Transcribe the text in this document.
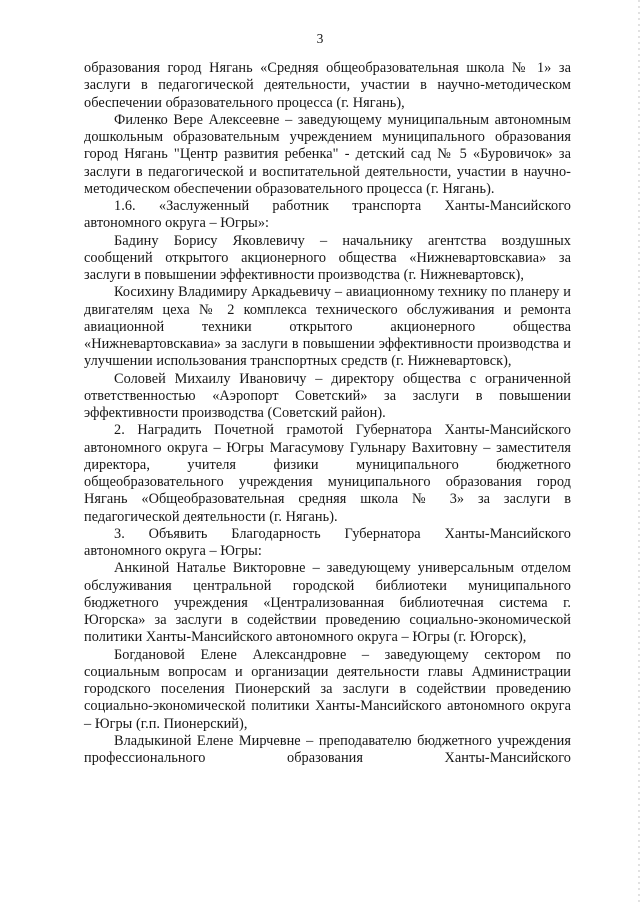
3

образования город Нягань «Средняя общеобразовательная школа № 1» за заслуги в педагогической деятельности, участии в научно-методическом обеспечении образовательного процесса (г. Нягань),

Филенко Вере Алексеевне – заведующему муниципальным автономным дошкольным образовательным учреждением муниципального образования город Нягань "Центр развития ребенка" - детский сад № 5 «Буровичок» за заслуги в педагогической и воспитательной деятельности, участии в научно-методическом обеспечении образовательного процесса (г. Нягань).

1.6. «Заслуженный работник транспорта Ханты-Мансийского автономного округа – Югры»:

Бадину Борису Яковлевичу – начальнику агентства воздушных сообщений открытого акционерного общества «Нижневартовскавиа» за заслуги в повышении эффективности производства (г. Нижневартовск),

Косихину Владимиру Аркадьевичу – авиационному технику по планеру и двигателям цеха № 2 комплекса технического обслуживания и ремонта авиационной техники открытого акционерного общества «Нижневартовскавиа» за заслуги в повышении эффективности производства и улучшении использования транспортных средств (г. Нижневартовск),

Соловей Михаилу Ивановичу – директору общества с ограниченной ответственностью «Аэропорт Советский» за заслуги в повышении эффективности производства (Советский район).

2. Наградить Почетной грамотой Губернатора Ханты-Мансийского автономного округа – Югры Магасумову Гульнару Вахитовну – заместителя директора, учителя физики муниципального бюджетного общеобразовательного учреждения муниципального образования город Нягань «Общеобразовательная средняя школа № 3» за заслуги в педагогической деятельности (г. Нягань).

3. Объявить Благодарность Губернатора Ханты-Мансийского автономного округа – Югры:

Анкиной Наталье Викторовне – заведующему универсальным отделом обслуживания центральной городской библиотеки муниципального бюджетного учреждения «Централизованная библиотечная система г. Югорска» за заслуги в содействии проведению социально-экономической политики Ханты-Мансийского автономного округа – Югры (г. Югорск),

Богдановой Елене Александровне – заведующему сектором по социальным вопросам и организации деятельности главы Администрации городского поселения Пионерский за заслуги в содействии проведению социально-экономической политики Ханты-Мансийского автономного округа – Югры (г.п. Пионерский),

Владыкиной Елене Мирчевне – преподавателю бюджетного учреждения профессионального образования Ханты-Мансийского
